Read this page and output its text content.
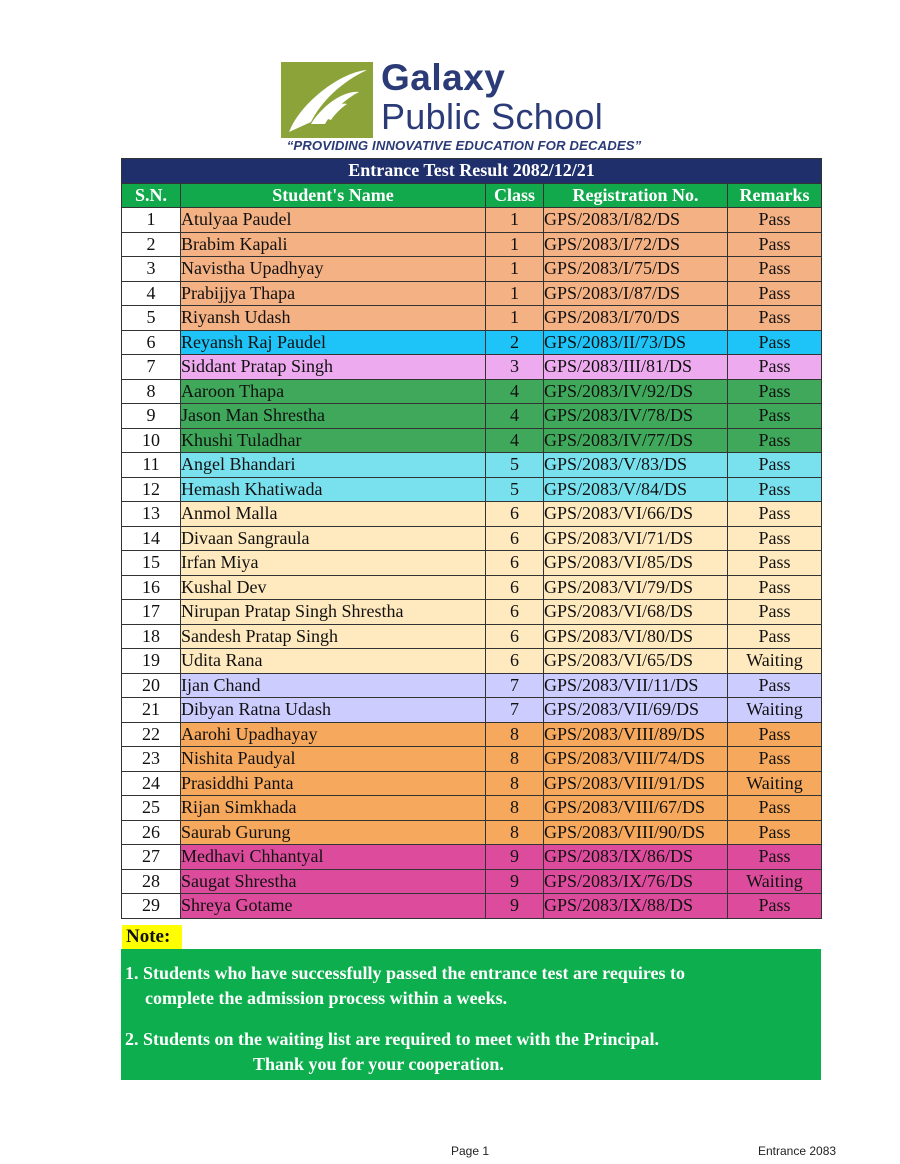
Galaxy
Public School
“PROVIDING INNOVATIVE EDUCATION FOR DECADES”
Entrance Test Result 2082/12/21				
S.N.	Student's Name	Class	Registration No.	Remarks
1	Atulyaa Paudel	1	GPS/2083/I/82/DS	Pass
2	Brabim Kapali	1	GPS/2083/I/72/DS	Pass
3	Navistha Upadhyay	1	GPS/2083/I/75/DS	Pass
4	Prabijjya Thapa	1	GPS/2083/I/87/DS	Pass
5	Riyansh Udash	1	GPS/2083/I/70/DS	Pass
6	Reyansh Raj Paudel	2	GPS/2083/II/73/DS	Pass
7	Siddant Pratap Singh	3	GPS/2083/III/81/DS	Pass
8	Aaroon Thapa	4	GPS/2083/IV/92/DS	Pass
9	Jason Man Shrestha	4	GPS/2083/IV/78/DS	Pass
10	Khushi Tuladhar	4	GPS/2083/IV/77/DS	Pass
11	Angel Bhandari	5	GPS/2083/V/83/DS	Pass
12	Hemash Khatiwada	5	GPS/2083/V/84/DS	Pass
13	Anmol Malla	6	GPS/2083/VI/66/DS	Pass
14	Divaan Sangraula	6	GPS/2083/VI/71/DS	Pass
15	Irfan Miya	6	GPS/2083/VI/85/DS	Pass
16	Kushal Dev	6	GPS/2083/VI/79/DS	Pass
17	Nirupan Pratap Singh Shrestha	6	GPS/2083/VI/68/DS	Pass
18	Sandesh Pratap Singh	6	GPS/2083/VI/80/DS	Pass
19	Udita Rana	6	GPS/2083/VI/65/DS	Waiting
20	Ijan Chand	7	GPS/2083/VII/11/DS	Pass
21	Dibyan Ratna Udash	7	GPS/2083/VII/69/DS	Waiting
22	Aarohi Upadhayay	8	GPS/2083/VIII/89/DS	Pass
23	Nishita Paudyal	8	GPS/2083/VIII/74/DS	Pass
24	Prasiddhi Panta	8	GPS/2083/VIII/91/DS	Waiting
25	Rijan Simkhada	8	GPS/2083/VIII/67/DS	Pass
26	Saurab Gurung	8	GPS/2083/VIII/90/DS	Pass
27	Medhavi Chhantyal	9	GPS/2083/IX/86/DS	Pass
28	Saugat Shrestha	9	GPS/2083/IX/76/DS	Waiting
29	Shreya Gotame	9	GPS/2083/IX/88/DS	Pass
Note:
1. Students who have successfully passed the entrance test are requires to
complete the admission process within a weeks.
2. Students on the waiting list are required to meet with the Principal.
Thank you for your cooperation.
Page 1	Entrance 2083
